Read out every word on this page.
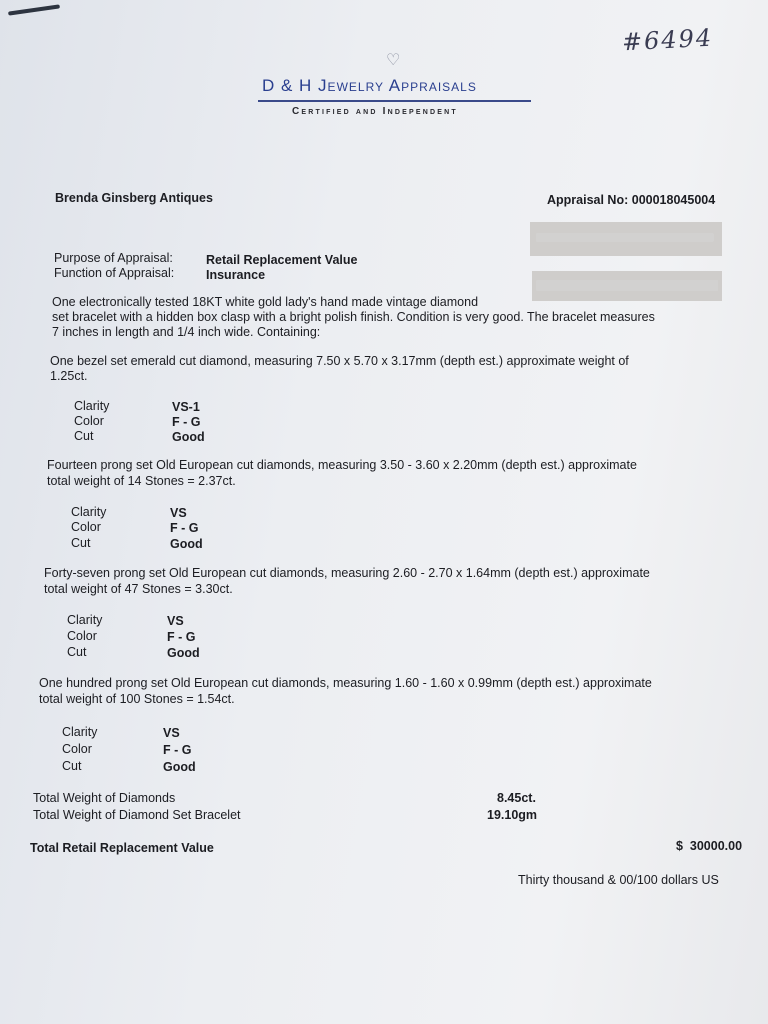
#6494
♡
D & H Jewelry Appraisals
Certified and Independent
Brenda Ginsberg Antiques	Appraisal No: 000018045004
Purpose of Appraisal:	Retail Replacement Value
Function of Appraisal:	Insurance
One electronically tested 18KT white gold lady's hand made vintage diamond
set bracelet with a hidden box clasp with a bright polish finish. Condition is very good. The bracelet measures
7 inches in length and 1/4 inch wide. Containing:
One bezel set emerald cut diamond, measuring 7.50 x 5.70 x 3.17mm (depth est.) approximate weight of
1.25ct.
Clarity	VS-1
Color	F - G
Cut	Good
Fourteen prong set Old European cut diamonds, measuring 3.50 - 3.60 x 2.20mm (depth est.) approximate
total weight of 14 Stones = 2.37ct.
Clarity	VS
Color	F - G
Cut	Good
Forty-seven prong set Old European cut diamonds, measuring 2.60 - 2.70 x 1.64mm (depth est.) approximate
total weight of 47 Stones = 3.30ct.
Clarity	VS
Color	F - G
Cut	Good
One hundred prong set Old European cut diamonds, measuring 1.60 - 1.60 x 0.99mm (depth est.) approximate
total weight of 100 Stones = 1.54ct.
Clarity	VS
Color	F - G
Cut	Good
Total Weight of Diamonds	8.45ct.
Total Weight of Diamond Set Bracelet	19.10gm
Total Retail Replacement Value	$ 30000.00
Thirty thousand & 00/100 dollars US
